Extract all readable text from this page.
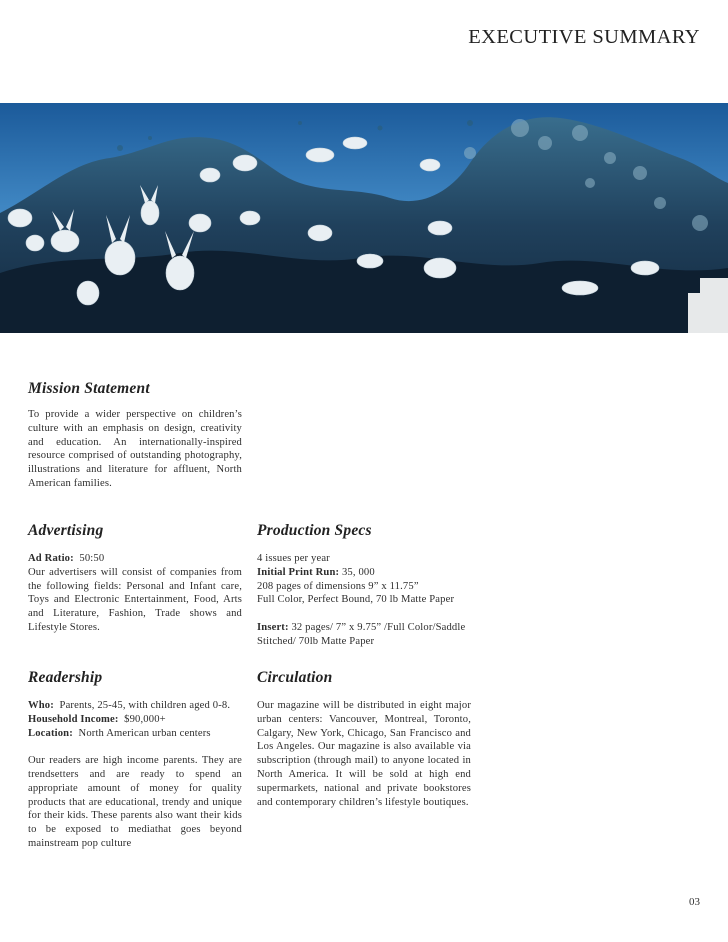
EXECUTIVE SUMMARY
Mission Statement
To provide a wider perspective on children’s culture with an emphasis on design, creativity and education. An internationally-inspired resource comprised of outstanding photography, illustrations and literature for affluent, North American families.
Advertising
Ad Ratio: 50:50
Our advertisers will consist of companies from the following fields: Personal and Infant care, Toys and Electronic Entertainment, Food, Arts and Literature, Fashion, Trade shows and Lifestyle Stores.
Production Specs
4 issues per year
Initial Print Run: 35, 000
208 pages of dimensions 9” x 11.75”
Full Color, Perfect Bound, 70 lb Matte Paper
Insert: 32 pages/ 7” x 9.75” /Full Color/Saddle Stitched/ 70lb Matte Paper
Readership
Who: Parents, 25-45, with children aged 0-8.
Household Income: $90,000+
Location: North American urban centers
Our readers are high income parents. They are trendsetters and are ready to spend an appropriate amount of money for quality products that are educational, trendy and unique for their kids. These parents also want their kids to be exposed to mediathat goes beyond mainstream pop culture
Circulation
Our magazine will be distributed in eight major urban centers: Vancouver, Montreal, Toronto, Calgary, New York, Chicago, San Francisco and Los Angeles. Our magazine is also available via subscription (through mail) to anyone located in North America. It will be sold at high end supermarkets, national and private bookstores and contemporary children’s lifestyle boutiques.
03
